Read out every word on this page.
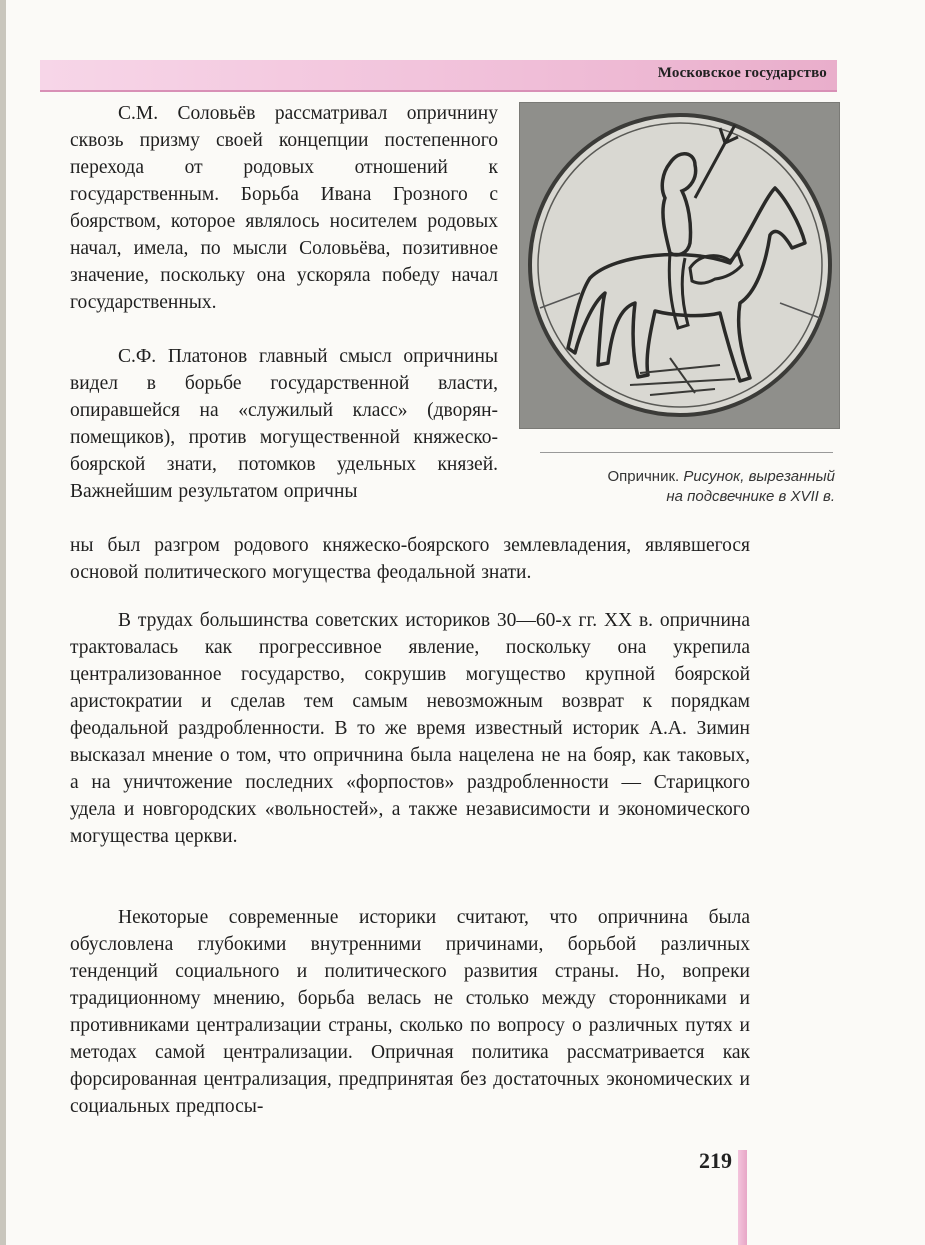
Московское государство

С.М. Соловьёв рассматривал опричнину сквозь призму своей концепции постепенного перехода от родовых отношений к государственным. Борьба Ивана Грозного с боярством, которое являлось носителем родовых начал, имела, по мысли Соловьёва, позитивное значение, поскольку она ускоряла победу начал государственных.

С.Ф. Платонов главный смысл опричнины видел в борьбе государственной власти, опиравшейся на «служилый класс» (дворян-помещиков), против могущественной княжеско-боярской знати, потомков удельных князей. Важнейшим результатом опричны

ны был разгром родового княжеско-боярского землевладения, являвшегося основой политического могущества феодальной знати.

В трудах большинства советских историков 30—60-х гг. XX в. опричнина трактовалась как прогрессивное явление, поскольку она укрепила централизованное государство, сокрушив могущество крупной боярской аристократии и сделав тем самым невозможным возврат к порядкам феодальной раздробленности. В то же время известный историк А.А. Зимин высказал мнение о том, что опричнина была нацелена не на бояр, как таковых, а на уничтожение последних «форпостов» раздробленности — Старицкого удела и новгородских «вольностей», а также независимости и экономического могущества церкви.

Некоторые современные историки считают, что опричнина была обусловлена глубокими внутренними причинами, борьбой различных тенденций социального и политического развития страны. Но, вопреки традиционному мнению, борьба велась не столько между сторонниками и противниками централизации страны, сколько по вопросу о различных путях и методах самой централизации. Опричная политика рассматривается как форсированная централизация, предпринятая без достаточных экономических и социальных предпосы-

Опричник. Рисунок, вырезанный
на подсвечнике в XVII в.
219
